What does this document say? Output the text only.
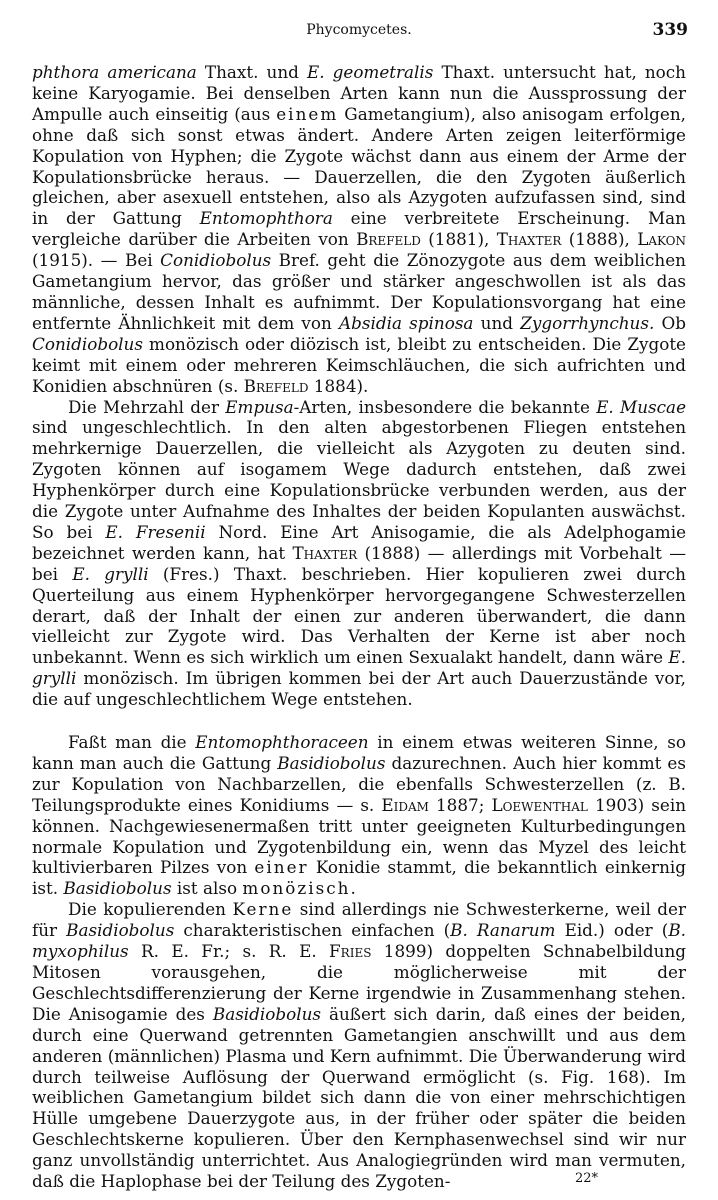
Phycomycetes.	339

phthora americana Thaxt. und E. geometralis Thaxt. untersucht hat, noch keine Karyogamie. Bei denselben Arten kann nun die Aussprossung der Ampulle auch einseitig (aus einem Gametangium), also anisogam erfolgen, ohne daß sich sonst etwas ändert. Andere Arten zeigen leiterförmige Kopulation von Hyphen; die Zygote wächst dann aus einem der Arme der Kopulationsbrücke heraus. — Dauerzellen, die den Zygoten äußerlich gleichen, aber asexuell entstehen, also als Azygoten aufzufassen sind, sind in der Gattung Entomophthora eine verbreitete Erscheinung. Man vergleiche darüber die Arbeiten von Brefeld (1881), Thaxter (1888), Lakon (1915). — Bei Conidiobolus Bref. geht die Zönozygote aus dem weiblichen Gametangium hervor, das größer und stärker angeschwollen ist als das männliche, dessen Inhalt es aufnimmt. Der Kopulationsvorgang hat eine entfernte Ähnlichkeit mit dem von Absidia spinosa und Zygorrhynchus. Ob Conidiobolus monözisch oder diözisch ist, bleibt zu entscheiden. Die Zygote keimt mit einem oder mehreren Keimschläuchen, die sich aufrichten und Konidien abschnüren (s. Brefeld 1884).

Die Mehrzahl der Empusa-Arten, insbesondere die bekannte E. Muscae sind ungeschlechtlich. In den alten abgestorbenen Fliegen entstehen mehrkernige Dauerzellen, die vielleicht als Azygoten zu deuten sind. Zygoten können auf isogamem Wege dadurch entstehen, daß zwei Hyphenkörper durch eine Kopulationsbrücke verbunden werden, aus der die Zygote unter Aufnahme des Inhaltes der beiden Kopulanten auswächst. So bei E. Fresenii Nord. Eine Art Anisogamie, die als Adelphogamie bezeichnet werden kann, hat Thaxter (1888) — allerdings mit Vorbehalt — bei E. grylli (Fres.) Thaxt. beschrieben. Hier kopulieren zwei durch Querteilung aus einem Hyphenkörper hervorgegangene Schwesterzellen derart, daß der Inhalt der einen zur anderen überwandert, die dann vielleicht zur Zygote wird. Das Verhalten der Kerne ist aber noch unbekannt. Wenn es sich wirklich um einen Sexualakt handelt, dann wäre E. grylli monözisch. Im übrigen kommen bei der Art auch Dauerzustände vor, die auf ungeschlechtlichem Wege entstehen.

Faßt man die Entomophthoraceen in einem etwas weiteren Sinne, so kann man auch die Gattung Basidiobolus dazurechnen. Auch hier kommt es zur Kopulation von Nachbarzellen, die ebenfalls Schwesterzellen (z. B. Teilungsprodukte eines Konidiums — s. Eidam 1887; Loewenthal 1903) sein können. Nachgewiesenermaßen tritt unter geeigneten Kulturbedingungen normale Kopulation und Zygotenbildung ein, wenn das Myzel des leicht kultivierbaren Pilzes von einer Konidie stammt, die bekanntlich einkernig ist. Basidiobolus ist also monözisch.

Die kopulierenden Kerne sind allerdings nie Schwesterkerne, weil der für Basidiobolus charakteristischen einfachen (B. Ranarum Eid.) oder (B. myxophilus R. E. Fr.; s. R. E. Fries 1899) doppelten Schnabelbildung Mitosen vorausgehen, die möglicherweise mit der Geschlechtsdifferenzierung der Kerne irgendwie in Zusammenhang stehen. Die Anisogamie des Basidiobolus äußert sich darin, daß eines der beiden, durch eine Querwand getrennten Gametangien anschwillt und aus dem anderen (männlichen) Plasma und Kern aufnimmt. Die Überwanderung wird durch teilweise Auflösung der Querwand ermöglicht (s. Fig. 168). Im weiblichen Gametangium bildet sich dann die von einer mehrschichtigen Hülle umgebene Dauerzygote aus, in der früher oder später die beiden Geschlechtskerne kopulieren. Über den Kernphasenwechsel sind wir nur ganz unvollständig unterrichtet. Aus Analogiegründen wird man vermuten, daß die Haplophase bei der Teilung des Zygoten-	22*
